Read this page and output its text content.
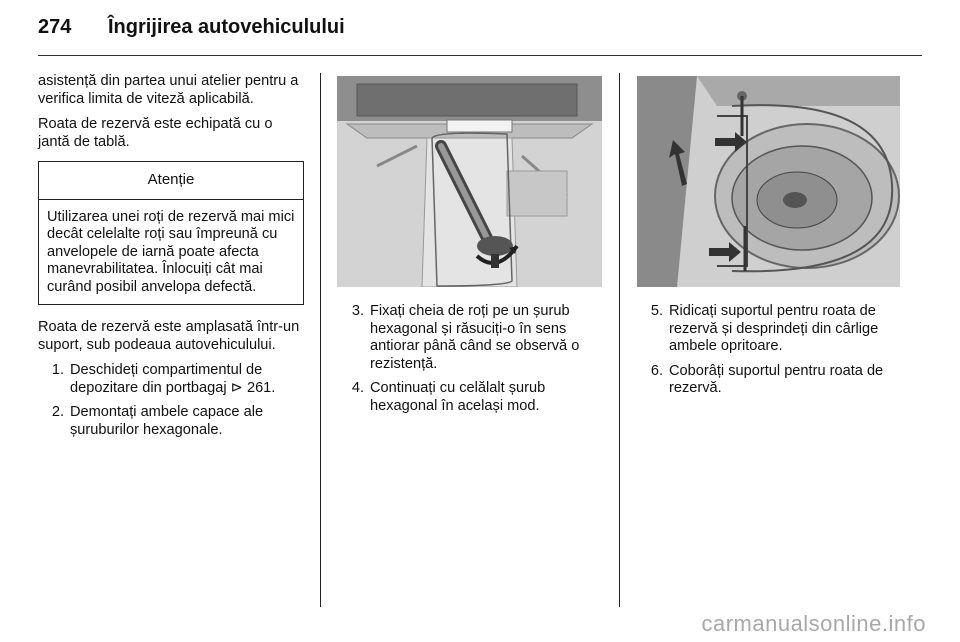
274 Îngrijirea autovehiculului

asistență din partea unui atelier pentru a verifica limita de viteză aplicabilă.

Roata de rezervă este echipată cu o jantă de tablă.

Atenție
Utilizarea unei roți de rezervă mai mici decât celelalte roți sau împreună cu anvelopele de iarnă poate afecta manevrabilitatea. Înlocuiți cât mai curând posibil anvelopa defectă.

Roata de rezervă este amplasată într-un suport, sub podeaua autovehiculului.

1. Deschideți compartimentul de depozitare din portbagaj ⊳ 261.
2. Demontați ambele capace ale șuruburilor hexagonale.
3. Fixați cheia de roți pe un șurub hexagonal și răsuciți-o în sens antiorar până când se observă o rezistență.
4. Continuați cu celălalt șurub hexagonal în același mod.
5. Ridicați suportul pentru roata de rezervă și desprindeți din cârlige ambele opritoare.
6. Coborâți suportul pentru roata de rezervă.
carmanualsonline.info
